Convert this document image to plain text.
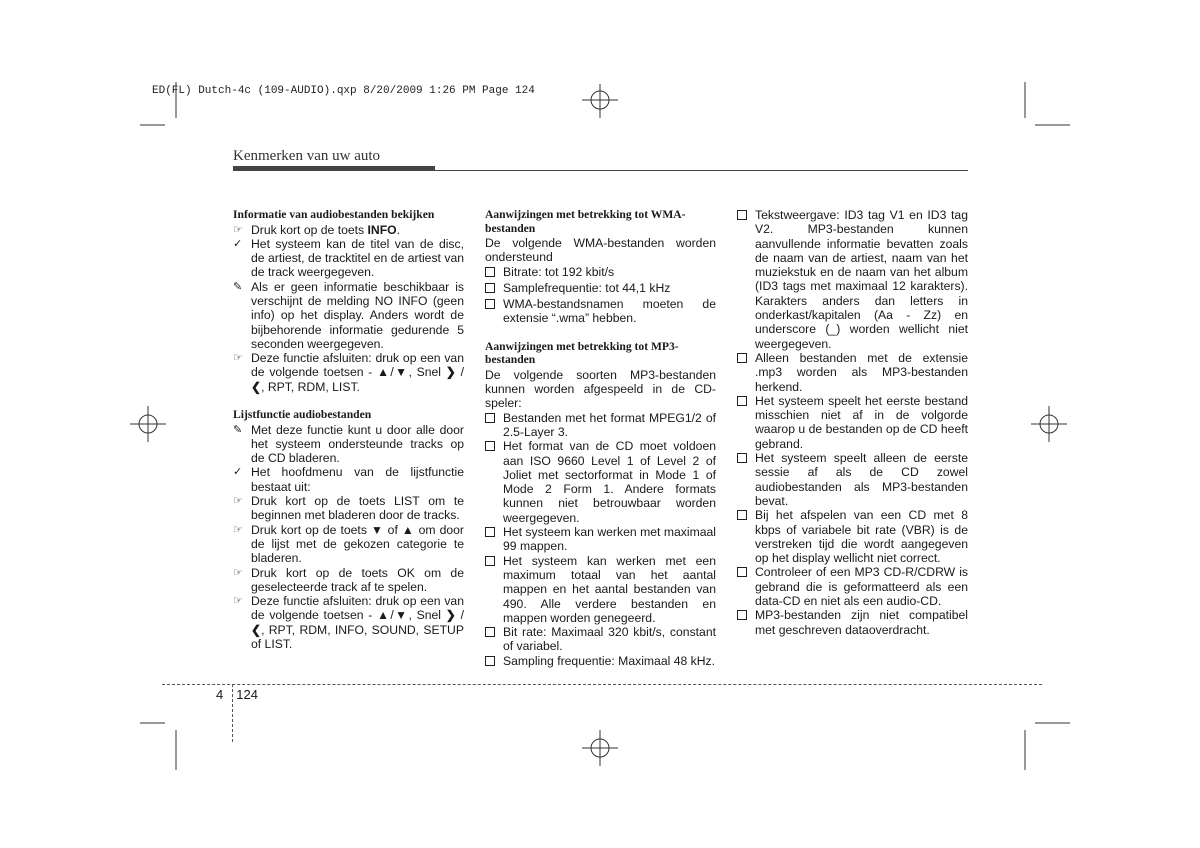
ED(FL) Dutch-4c (109-AUDIO).qxp 8/20/2009 1:26 PM Page 124
Kenmerken van uw auto
Informatie van audiobestanden bekijken
☞ Druk kort op de toets INFO.
✓ Het systeem kan de titel van de disc, de artiest, de tracktitel en de artiest van de track weergegeven.
✎ Als er geen informatie beschikbaar is verschijnt de melding NO INFO (geen info) op het display. Anders wordt de bijbehorende informatie gedurende 5 seconden weergegeven.
☞ Deze functie afsluiten: druk op een van de volgende toetsen - ▲/▼, Snel ❯ / ❮, RPT, RDM, LIST.
Lijstfunctie audiobestanden
✎ Met deze functie kunt u door alle door het systeem ondersteunde tracks op de CD bladeren.
✓ Het hoofdmenu van de lijstfunctie bestaat uit:
☞ Druk kort op de toets LIST om te beginnen met bladeren door de tracks.
☞ Druk kort op de toets ▼ of ▲ om door de lijst met de gekozen categorie te bladeren.
☞ Druk kort op de toets OK om de geselecteerde track af te spelen.
☞ Deze functie afsluiten: druk op een van de volgende toetsen - ▲/▼, Snel ❯ / ❮, RPT, RDM, INFO, SOUND, SETUP of LIST.
Aanwijzingen met betrekking tot WMA-bestanden
De volgende WMA-bestanden worden ondersteund
Bitrate: tot 192 kbit/s
Samplefrequentie: tot 44,1 kHz
WMA-bestandsnamen moeten de extensie “.wma” hebben.
Aanwijzingen met betrekking tot MP3-bestanden
De volgende soorten MP3-bestanden kunnen worden afgespeeld in de CD-speler:
Bestanden met het format MPEG1/2 of 2.5-Layer 3.
Het format van de CD moet voldoen aan ISO 9660 Level 1 of Level 2 of Joliet met sectorformat in Mode 1 of Mode 2 Form 1. Andere formats kunnen niet betrouwbaar worden weergegeven.
Het systeem kan werken met maximaal 99 mappen.
Het systeem kan werken met een maximum totaal van het aantal mappen en het aantal bestanden van 490. Alle verdere bestanden en mappen worden genegeerd.
Bit rate: Maximaal 320 kbit/s, constant of variabel.
Sampling frequentie: Maximaal 48 kHz.
Tekstweergave: ID3 tag V1 en ID3 tag V2. MP3-bestanden kunnen aanvullende informatie bevatten zoals de naam van de artiest, naam van het muziekstuk en de naam van het album (ID3 tags met maximaal 12 karakters). Karakters anders dan letters in onderkast/kapitalen (Aa - Zz) en underscore (_) worden wellicht niet weergegeven.
Alleen bestanden met de extensie .mp3 worden als MP3-bestanden herkend.
Het systeem speelt het eerste bestand misschien niet af in de volgorde waarop u de bestanden op de CD heeft gebrand.
Het systeem speelt alleen de eerste sessie af als de CD zowel audiobestanden als MP3-bestanden bevat.
Bij het afspelen van een CD met 8 kbps of variabele bit rate (VBR) is de verstreken tijd die wordt aangegeven op het display wellicht niet correct.
Controleer of een MP3 CD-R/CDRW is gebrand die is geformatteerd als een data-CD en niet als een audio-CD.
MP3-bestanden zijn niet compatibel met geschreven dataoverdracht.
4 124
